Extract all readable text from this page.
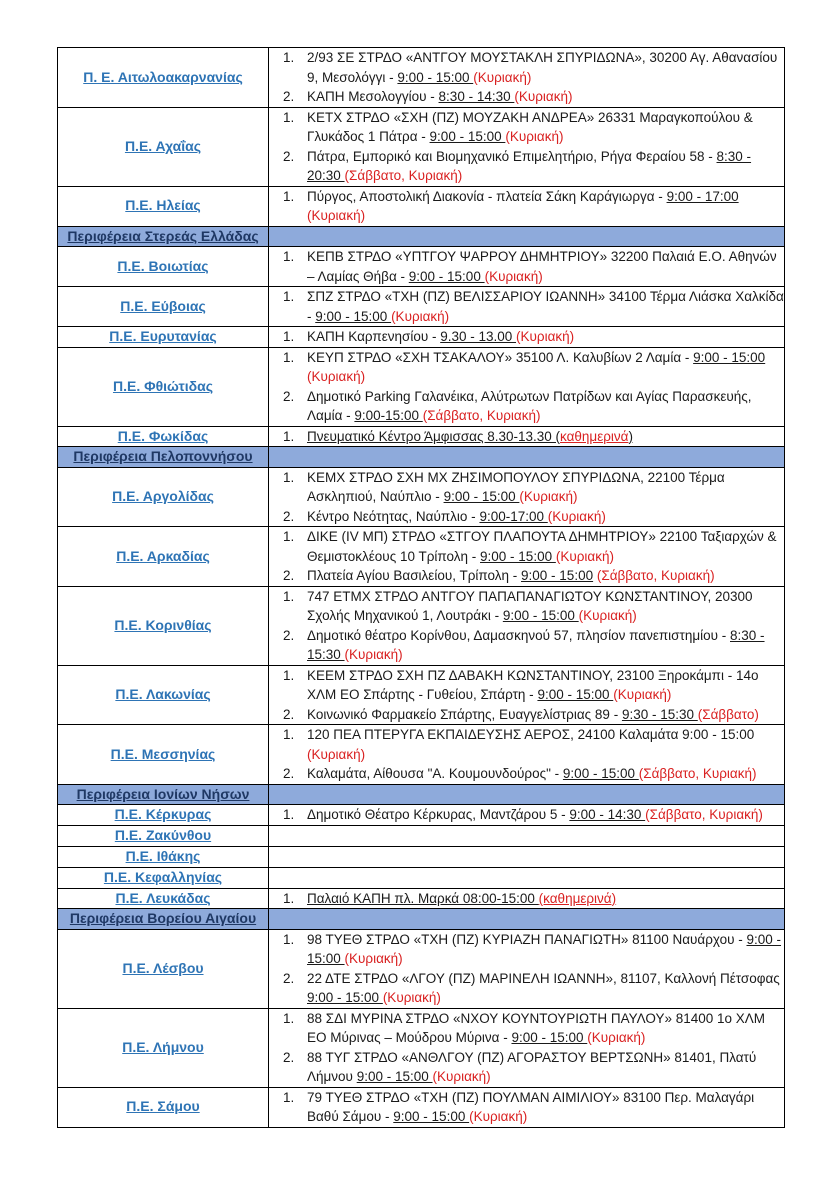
Π. Ε. Αιτωλοακαρνανίας	
1. 2/93 ΣΕ ΣΤΡΔΟ «ΑΝΤΓΟΥ ΜΟΥΣΤΑΚΛΗ ΣΠΥΡΙΔΩΝΑ», 30200 Αγ. Αθανασίου 9, Μεσολόγγι - 9:00 - 15:00 (Κυριακή)
2. ΚΑΠΗ Μεσολογγίου - 8:30 - 14:30 (Κυριακή)

Π.Ε. Αχαΐας	
1. ΚΕΤΧ ΣΤΡΔΟ «ΣΧΗ (ΠΖ) ΜΟΥΖΑΚΗ ΑΝΔΡΕΑ» 26331 Μαραγκοπούλου & Γλυκάδος 1 Πάτρα - 9:00 - 15:00 (Κυριακή)
2. Πάτρα, Εμπορικό και Βιομηχανικό Επιμελητήριο, Ρήγα Φεραίου 58 - 8:30 - 20:30 (Σάββατο, Κυριακή)

Π.Ε. Ηλείας	
1. Πύργος, Αποστολική Διακονία - πλατεία Σάκη Καράγιωργα - 9:00 - 17:00 (Κυριακή)

Περιφέρεια Στερεάς Ελλάδας	
Π.Ε. Βοιωτίας	
1. ΚΕΠΒ ΣΤΡΔΟ «ΥΠΤΓΟΥ ΨΑΡΡΟΥ ΔΗΜΗΤΡΙΟΥ» 32200 Παλαιά Ε.Ο. Αθηνών – Λαμίας Θήβα - 9:00 - 15:00 (Κυριακή)

Π.Ε. Εύβοιας	
1. ΣΠΖ ΣΤΡΔΟ «ΤΧΗ (ΠΖ) ΒΕΛΙΣΣΑΡΙΟΥ ΙΩΑΝΝΗ» 34100 Τέρμα Λιάσκα Χαλκίδα - 9:00 - 15:00 (Κυριακή)

Π.Ε. Ευρυτανίας	1. ΚΑΠΗ Καρπενησίου - 9.30 - 13.00 (Κυριακή)

Π.Ε. Φθιώτιδας	
1. ΚΕΥΠ ΣΤΡΔΟ «ΣΧΗ ΤΣΑΚΑΛΟΥ» 35100 Λ. Καλυβίων 2 Λαμία - 9:00 - 15:00 (Κυριακή)
2. Δημοτικό Parking Γαλανέικα, Αλύτρωτων Πατρίδων και Αγίας Παρασκευής, Λαμία - 9:00-15:00 (Σάββατο, Κυριακή)

Π.Ε. Φωκίδας	1. Πνευματικό Κέντρο Άμφισσας 8.30-13.30 (καθημερινά)

Περιφέρεια Πελοποννήσου	
Π.Ε. Αργολίδας	
1. ΚΕΜΧ ΣΤΡΔΟ ΣΧΗ ΜΧ ΖΗΣΙΜΟΠΟΥΛΟΥ ΣΠΥΡΙΔΩΝΑ, 22100 Τέρμα Ασκληπιού, Ναύπλιο - 9:00 - 15:00 (Κυριακή)
2. Κέντρο Νεότητας, Ναύπλιο - 9:00-17:00 (Κυριακή)

Π.Ε. Αρκαδίας	
1. ΔΙΚΕ (IV ΜΠ) ΣΤΡΔΟ «ΣΤΓΟΥ ΠΛΑΠΟΥΤΑ ΔΗΜΗΤΡΙΟΥ» 22100 Ταξιαρχών & Θεμιστοκλέους 10 Τρίπολη - 9:00 - 15:00 (Κυριακή)
2. Πλατεία Αγίου Βασιλείου, Τρίπολη - 9:00 - 15:00 (Σάββατο, Κυριακή)

Π.Ε. Κορινθίας	
1. 747 ΕΤΜΧ ΣΤΡΔΟ ΑΝΤΓΟΥ ΠΑΠΑΠΑΝΑΓΙΩΤΟΥ ΚΩΝΣΤΑΝΤΙΝΟΥ, 20300 Σχολής Μηχανικού 1, Λουτράκι - 9:00 - 15:00 (Κυριακή)
2. Δημοτικό θέατρο Κορίνθου, Δαμασκηνού 57, πλησίον πανεπιστημίου - 8:30 - 15:30 (Κυριακή)

Π.Ε. Λακωνίας	
1. ΚΕΕΜ ΣΤΡΔΟ ΣΧΗ ΠΖ ΔΑΒΑΚΗ ΚΩΝΣΤΑΝΤΙΝΟΥ, 23100 Ξηροκάμπι - 14ο ΧΛΜ ΕΟ Σπάρτης - Γυθείου, Σπάρτη - 9:00 - 15:00 (Κυριακή)
2. Κοινωνικό Φαρμακείο Σπάρτης, Ευαγγελίστριας 89 - 9:30 - 15:30 (Σάββατο)

Π.Ε. Μεσσηνίας	
1. 120 ΠΕΑ ΠΤΕΡΥΓΑ ΕΚΠΑΙΔΕΥΣΗΣ ΑΕΡΟΣ, 24100 Καλαμάτα 9:00 - 15:00 (Κυριακή)
2. Καλαμάτα, Αίθουσα "Α. Κουμουνδούρος" - 9:00 - 15:00 (Σάββατο, Κυριακή)

Περιφέρεια Ιονίων Νήσων	
Π.Ε. Κέρκυρας	1. Δημοτικό Θέατρο Κέρκυρας, Μαντζάρου 5 - 9:00 - 14:30 (Σάββατο, Κυριακή)

Π.Ε. Ζακύνθου	
Π.Ε. Ιθάκης	
Π.Ε. Κεφαλληνίας	
Π.Ε. Λευκάδας	1. Παλαιό ΚΑΠΗ πλ. Μαρκά 08:00-15:00 (καθημερινά)

Περιφέρεια Βορείου Αιγαίου	
Π.Ε. Λέσβου	
1. 98 ΤΥΕΘ ΣΤΡΔΟ «ΤΧΗ (ΠΖ) ΚΥΡΙΑΖΗ ΠΑΝΑΓΙΩΤΗ» 81100 Ναυάρχου - 9:00 - 15:00 (Κυριακή)
2. 22 ΔΤΕ ΣΤΡΔΟ «ΛΓΟΥ (ΠΖ) ΜΑΡΙΝΕΛΗ ΙΩΑΝΝΗ», 81107, Καλλονή Πέτσοφας 9:00 - 15:00 (Κυριακή)

Π.Ε. Λήμνου	
1. 88 ΣΔΙ ΜΥΡΙΝΑ ΣΤΡΔΟ «ΝΧΟΥ ΚΟΥΝΤΟΥΡΙΩΤΗ ΠΑΥΛΟΥ» 81400 1ο ΧΛΜ ΕΟ Μύρινας – Μούδρου Μύρινα - 9:00 - 15:00 (Κυριακή)
2. 88 ΤΥΓ ΣΤΡΔΟ «ΑΝΘΛΓΟΥ (ΠΖ) ΑΓΟΡΑΣΤΟΥ ΒΕΡΤΣΩΝΗ» 81401, Πλατύ Λήμνου 9:00 - 15:00 (Κυριακή)

Π.Ε. Σάμου	
1. 79 ΤΥΕΘ ΣΤΡΔΟ «ΤΧΗ (ΠΖ) ΠΟΥΛΜΑΝ ΑΙΜΙΛΙΟΥ» 83100 Περ. Μαλαγάρι Βαθύ Σάμου - 9:00 - 15:00 (Κυριακή)
